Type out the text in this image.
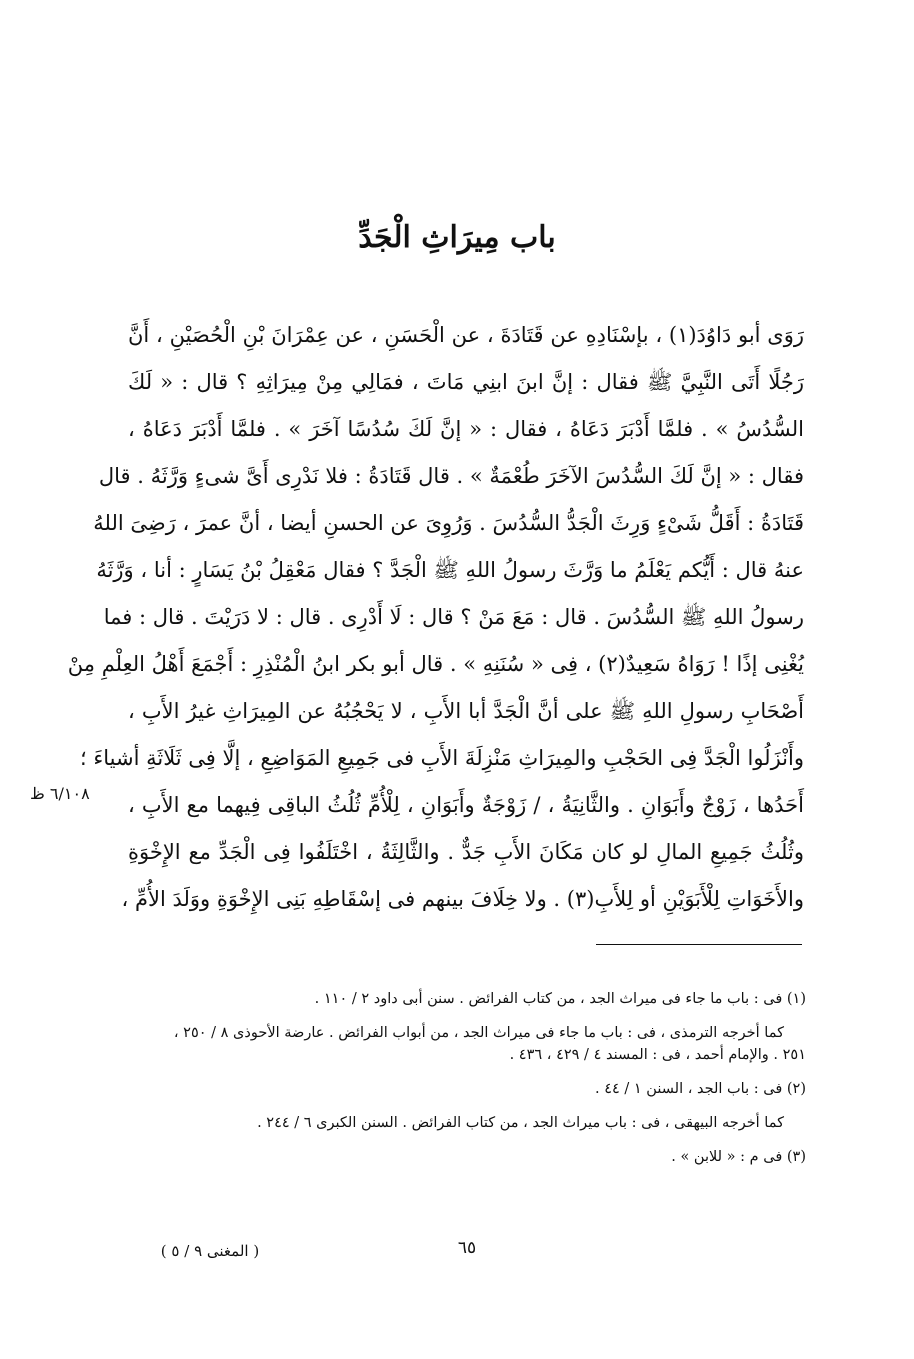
باب مِيرَاثِ الْجَدِّ
رَوَى أبو دَاوُدَ(١) ، بإسْنَادِهِ عن قَتَادَةَ ، عن الْحَسَنِ ، عن عِمْرَانَ بْنِ الْحُصَيْنِ ، أَنَّ
رَجُلًا أَتَى النَّبِيَّ ﷺ فقال : إنَّ ابنَ ابنِي مَاتَ ، فمَالِي مِنْ مِيرَاثِهِ ؟ قال : « لَكَ
السُّدُسُ » . فلمَّا أَدْبَرَ دَعَاهُ ، فقال : « إنَّ لَكَ سُدُسًا آخَرَ » . فلمَّا أَدْبَرَ دَعَاهُ ،
فقال : « إنَّ لَكَ السُّدُسَ الآخَرَ طُعْمَةٌ » . قال قَتَادَةُ : فلا نَدْرِى أَىَّ شىءٍ وَرَّثَهُ . قال
قَتَادَةُ : أَقَلُّ شَىْءٍ وَرِثَ الْجَدُّ السُّدُسَ . وَرُوِىَ عن الحسنِ أيضا ، أنَّ عمرَ ، رَضِىَ اللهُ
عنهُ قال : أَيُّكم يَعْلَمُ ما وَرَّثَ رسولُ اللهِ ﷺ الْجَدَّ ؟ فقال مَعْقِلُ بْنُ يَسَارٍ : أنا ، وَرَّثَهُ
رسولُ اللهِ ﷺ السُّدُسَ . قال : مَعَ مَنْ ؟ قال : لَا أَدْرِى . قال : لا دَرَيْتَ . قال : فما
يُغْنِى إذًا ! رَوَاهُ سَعِيدٌ(٢) ، فِى « سُنَنِهِ » . قال أبو بكر ابنُ الْمُنْذِرِ : أَجْمَعَ أَهْلُ العِلْمِ مِنْ
أَصْحَابِ رسولِ اللهِ ﷺ على أنَّ الْجَدَّ أبا الأَبِ ، لا يَحْجُبُهُ عن المِيرَاثِ غيرُ الأَبِ ،
وأَنْزَلُوا الْجَدَّ فِى الحَجْبِ والمِيرَاثِ مَنْزِلَةَ الأَبِ فى جَمِيعِ المَوَاضِعِ ، إلَّا فِى ثَلَاثَةِ أشياءَ ؛
أَحَدُها ، زَوْجٌ وأَبَوَانِ . والثَّانِيَةُ ، / زَوْجَةٌ وأَبَوَانِ ، لِلْأُمِّ ثُلُثُ الباقِى فِيهما مع الأَبِ ،
وثُلُثُ جَمِيعِ المالِ لو كان مَكَانَ الأَبِ جَدٌّ . والثَّالِثَةُ ، اخْتَلَفُوا فِى الْجَدِّ مع الإِخْوَةِ
والأَخَوَاتِ لِلْأَبَوَيْنِ أو لِلأَبِ(٣) . ولا خِلَافَ بينهم فى إسْقَاطِهِ بَنِى الإِخْوَةِ ووَلَدَ الأُمِّ ،
٦/١٠٨ ظ
(١) فى : باب ما جاء فى ميراث الجد ، من كتاب الفرائض . سنن أبى داود ٢ / ١١٠ .
كما أخرجه الترمذى ، فى : باب ما جاء فى ميراث الجد ، من أبواب الفرائض . عارضة الأحوذى ٨ / ٢٥٠ ،
٢٥١ . والإمام أحمد ، فى : المسند ٤ / ٤٢٩ ، ٤٣٦ .
(٢) فى : باب الجد ، السنن ١ / ٤٤ .
كما أخرجه البيهقى ، فى : باب ميراث الجد ، من كتاب الفرائض . السنن الكبرى ٦ / ٢٤٤ .
(٣) فى م : « للابن » .
٦٥
( المغنى ٩ / ٥ )
